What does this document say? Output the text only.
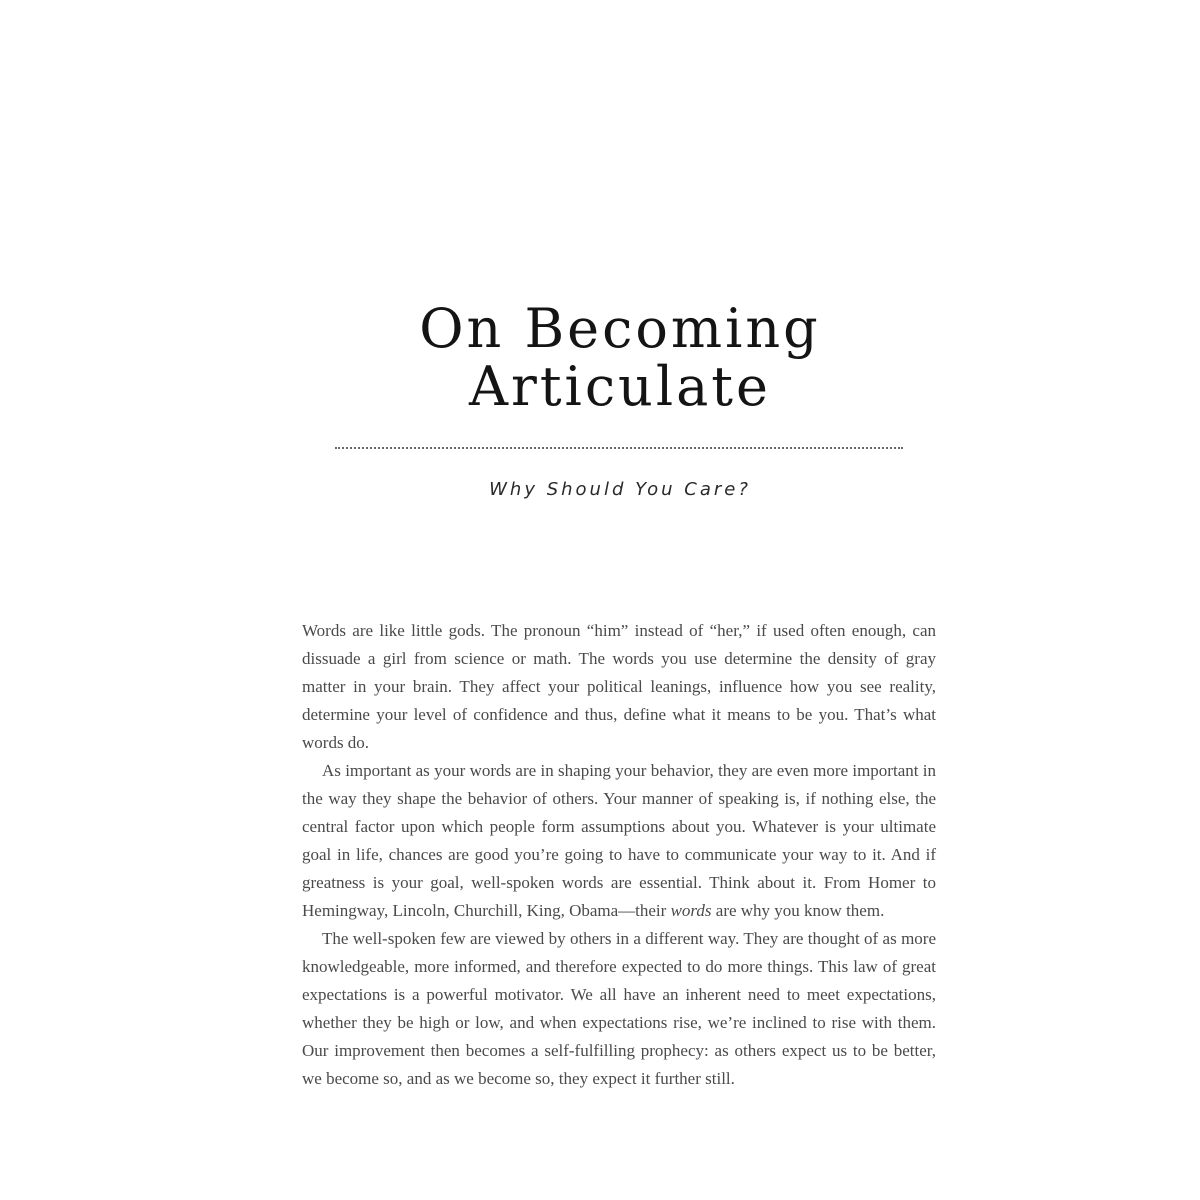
On Becoming
Articulate
Why Should You Care?

Words are like little gods. The pronoun “him” instead of “her,” if used often enough, can dissuade a girl from science or math. The words you use determine the density of gray matter in your brain. They affect your political leanings, influence how you see reality, determine your level of confidence and thus, define what it means to be you. That’s what words do.

As important as your words are in shaping your behavior, they are even more important in the way they shape the behavior of others. Your manner of speaking is, if nothing else, the central factor upon which people form assumptions about you. Whatever is your ultimate goal in life, chances are good you’re going to have to communicate your way to it. And if greatness is your goal, well-spoken words are essential. Think about it. From Homer to Hemingway, Lincoln, Churchill, King, Obama—their words are why you know them.

The well-spoken few are viewed by others in a different way. They are thought of as more knowledgeable, more informed, and therefore expected to do more things. This law of great expectations is a powerful motivator. We all have an inherent need to meet expectations, whether they be high or low, and when expectations rise, we’re inclined to rise with them. Our improvement then becomes a self-fulfilling prophecy: as others expect us to be better, we become so, and as we become so, they expect it further still.
